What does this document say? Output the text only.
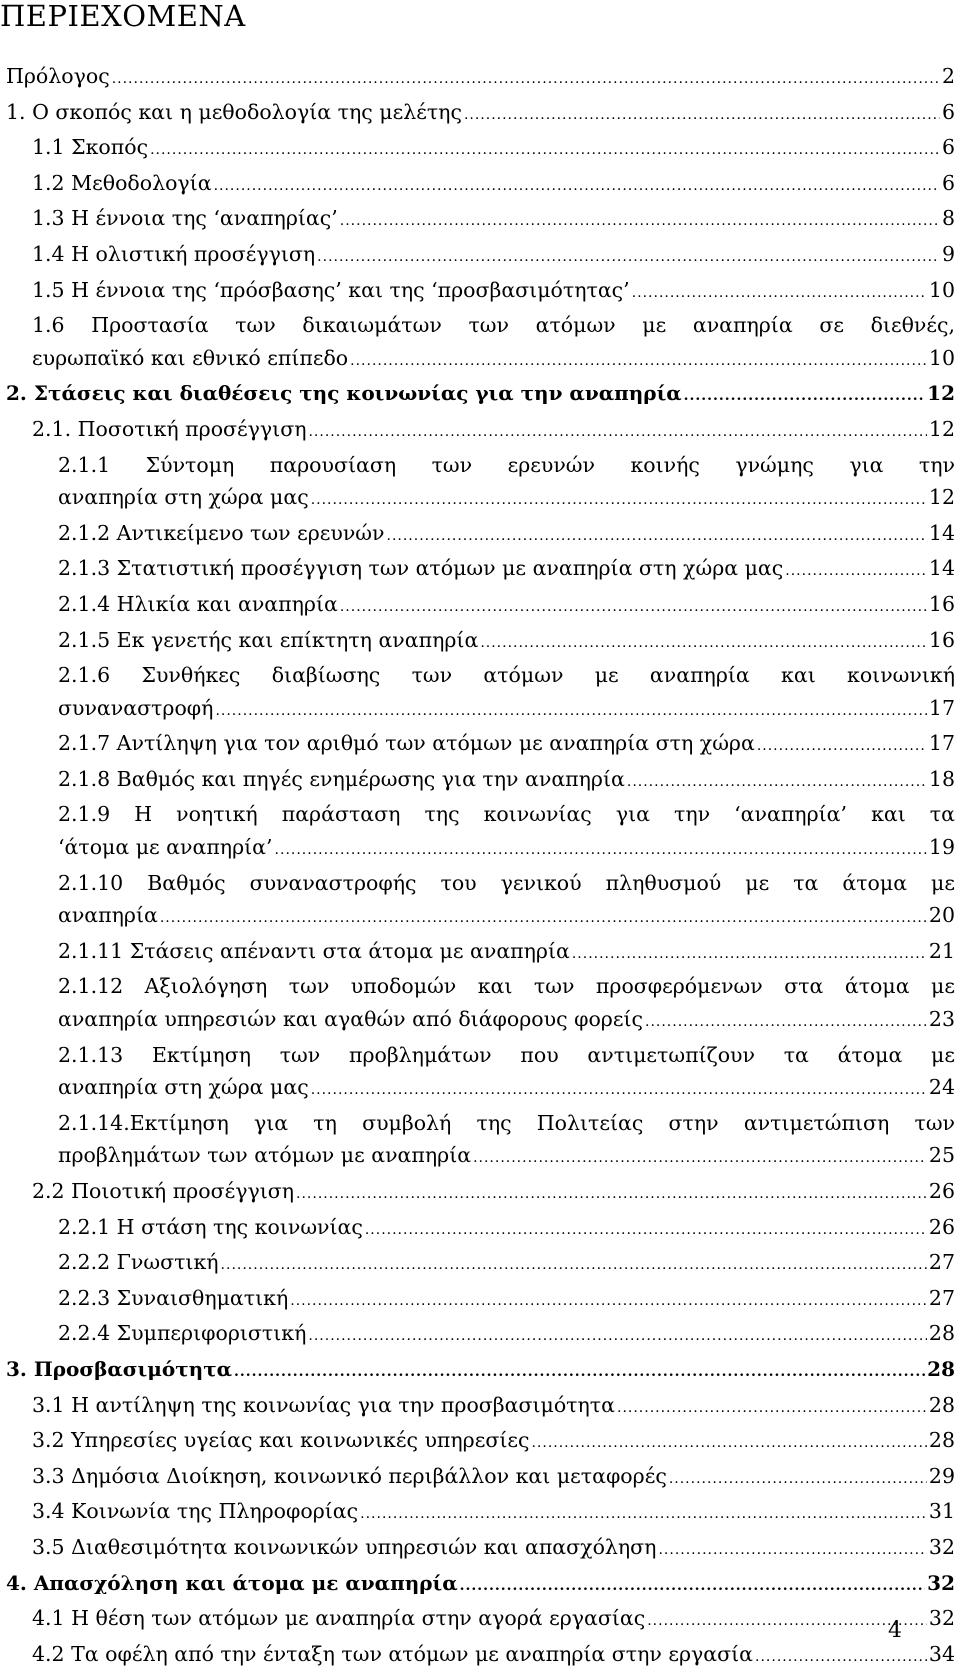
ΠΕΡΙΕΧΟΜΕΝΑ
Πρόλογος .....	2
1. Ο σκοπός και η μεθοδολογία της μελέτης .....	6
1.1 Σκοπός .....	6
1.2 Μεθοδολογία .....	6
1.3 Η έννοια της ‘αναπηρίας’ .....	8
1.4 Η ολιστική προσέγγιση .....	9
1.5 Η έννοια της ‘πρόσβασης’ και της ‘προσβασιμότητας’ .....	10
1.6 Προστασία των δικαιωμάτων των ατόμων με αναπηρία σε διεθνές,
ευρωπαϊκό και εθνικό επίπεδο .....	10
2. Στάσεις και διαθέσεις της κοινωνίας για την αναπηρία .....	12
2.1. Ποσοτική προσέγγιση .....	12
2.1.1 Σύντομη παρουσίαση των ερευνών κοινής γνώμης για την
αναπηρία στη χώρα μας .....	12
2.1.2 Αντικείμενο των ερευνών .....	14
2.1.3 Στατιστική προσέγγιση των ατόμων με αναπηρία στη χώρα μας .....	14
2.1.4 Ηλικία και αναπηρία .....	16
2.1.5 Εκ γενετής και επίκτητη αναπηρία .....	16
2.1.6 Συνθήκες διαβίωσης των ατόμων με αναπηρία και κοινωνική
συναναστροφή .....	17
2.1.7 Αντίληψη για τον αριθμό των ατόμων με αναπηρία στη χώρα .....	17
2.1.8 Βαθμός και πηγές ενημέρωσης για την αναπηρία .....	18
2.1.9 Η νοητική παράσταση της κοινωνίας για την ‘αναπηρία’ και τα
‘άτομα με αναπηρία’ .....	19
2.1.10 Βαθμός συναναστροφής του γενικού πληθυσμού με τα άτομα με
αναπηρία .....	20
2.1.11 Στάσεις απέναντι στα άτομα με αναπηρία .....	21
2.1.12 Αξιολόγηση των υποδομών και των προσφερόμενων στα άτομα με
αναπηρία υπηρεσιών και αγαθών από διάφορους φορείς .....	23
2.1.13 Εκτίμηση των προβλημάτων που αντιμετωπίζουν τα άτομα με
αναπηρία στη χώρα μας .....	24
2.1.14.Εκτίμηση για τη συμβολή της Πολιτείας στην αντιμετώπιση των
προβλημάτων των ατόμων με αναπηρία .....	25
2.2 Ποιοτική προσέγγιση .....	26
2.2.1 Η στάση της κοινωνίας .....	26
2.2.2 Γνωστική .....	27
2.2.3 Συναισθηματική .....	27
2.2.4 Συμπεριφοριστική .....	28
3. Προσβασιμότητα .....	28
3.1 Η αντίληψη της κοινωνίας για την προσβασιμότητα .....	28
3.2 Υπηρεσίες υγείας και κοινωνικές υπηρεσίες .....	28
3.3 Δημόσια Διοίκηση, κοινωνικό περιβάλλον και μεταφορές .....	29
3.4 Κοινωνία της Πληροφορίας .....	31
3.5 Διαθεσιμότητα κοινωνικών υπηρεσιών και απασχόληση .....	32
4. Απασχόληση και άτομα με αναπηρία .....	32
4.1 Η θέση των ατόμων με αναπηρία στην αγορά εργασίας .....	32
4.2 Τα οφέλη από την ένταξη των ατόμων με αναπηρία στην εργασία .....	34
4
